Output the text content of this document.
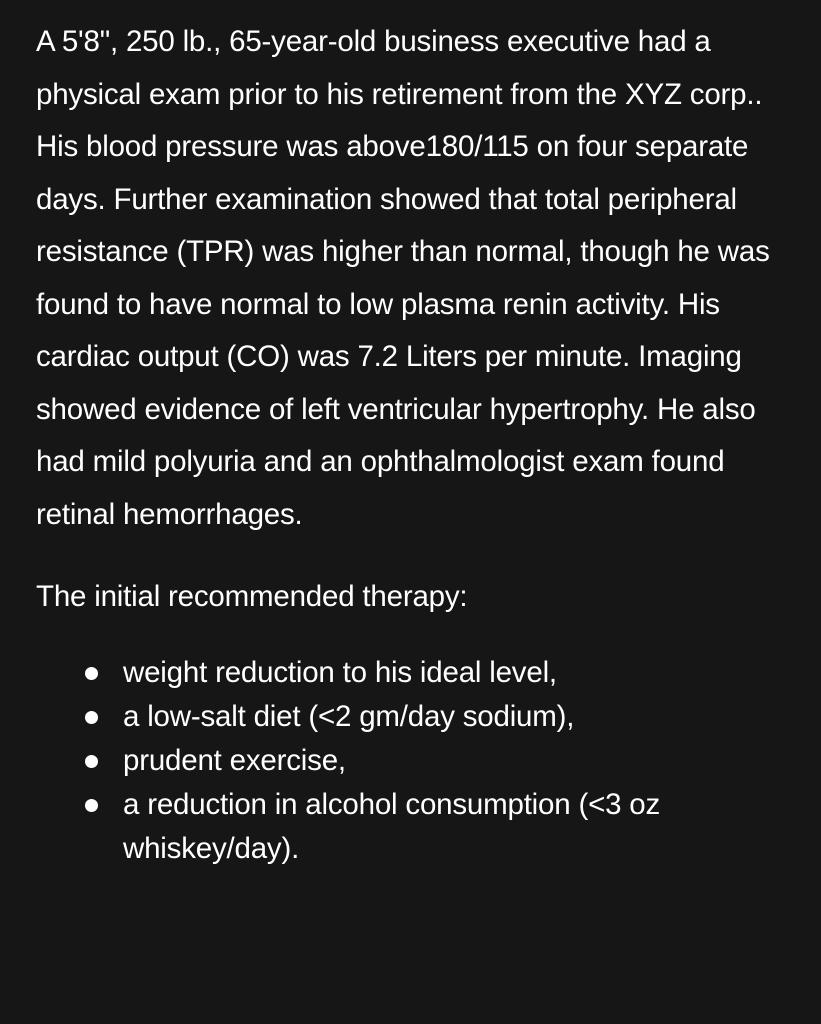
A 5'8", 250 lb., 65-year-old business executive had a physical exam prior to his retirement from the XYZ corp.. His blood pressure was above180/115 on four separate days. Further examination showed that total peripheral resistance (TPR) was higher than normal, though he was found to have normal to low plasma renin activity. His cardiac output (CO) was 7.2 Liters per minute. Imaging showed evidence of left ventricular hypertrophy. He also had mild polyuria and an ophthalmologist exam found retinal hemorrhages.

The initial recommended therapy:

weight reduction to his ideal level,
a low-salt diet (<2 gm/day sodium),
prudent exercise,
a reduction in alcohol consumption (<3 oz whiskey/day).
